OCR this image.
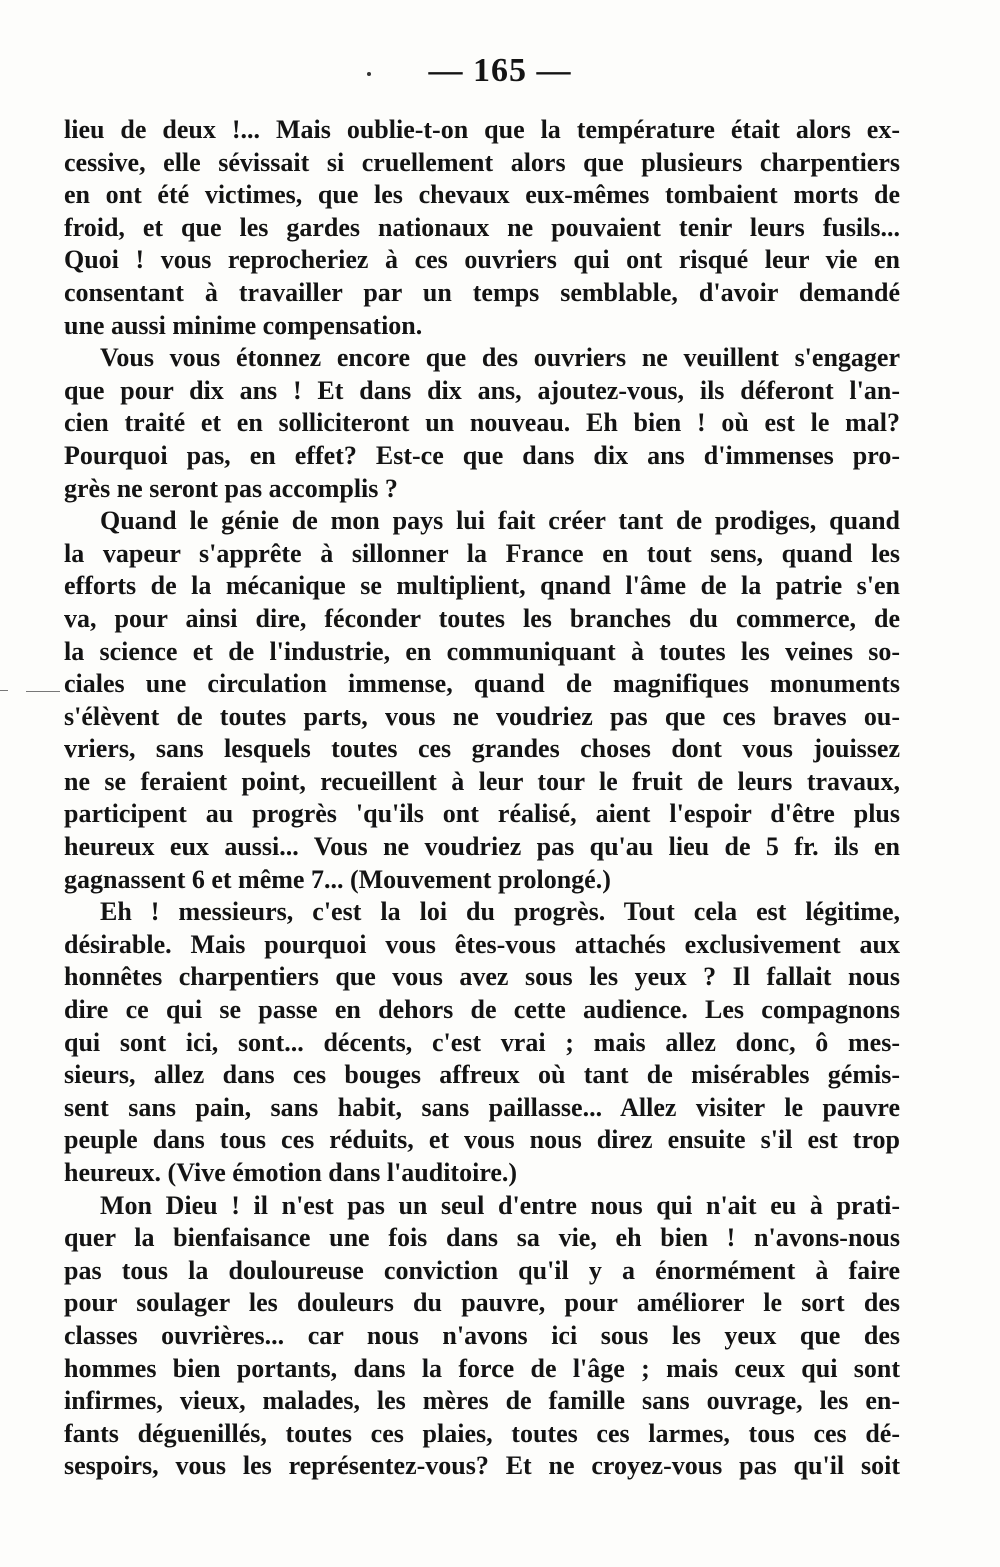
— 165 —
lieu de deux !... Mais oublie-t-on que la température était alors ex-
cessive, elle sévissait si cruellement alors que plusieurs charpentiers
en ont été victimes, que les chevaux eux-mêmes tombaient morts de
froid, et que les gardes nationaux ne pouvaient tenir leurs fusils...
Quoi ! vous reprocheriez à ces ouvriers qui ont risqué leur vie en
consentant à travailler par un temps semblable, d'avoir demandé
une aussi minime compensation.
Vous vous étonnez encore que des ouvriers ne veuillent s'engager
que pour dix ans ! Et dans dix ans, ajoutez-vous, ils déferont l'an-
cien traité et en solliciteront un nouveau. Eh bien ! où est le mal?
Pourquoi pas, en effet? Est-ce que dans dix ans d'immenses pro-
grès ne seront pas accomplis ?
Quand le génie de mon pays lui fait créer tant de prodiges, quand
la vapeur s'apprête à sillonner la France en tout sens, quand les
efforts de la mécanique se multiplient, qnand l'âme de la patrie s'en
va, pour ainsi dire, féconder toutes les branches du commerce, de
la science et de l'industrie, en communiquant à toutes les veines so-
ciales une circulation immense, quand de magnifiques monuments
s'élèvent de toutes parts, vous ne voudriez pas que ces braves ou-
vriers, sans lesquels toutes ces grandes choses dont vous jouissez
ne se feraient point, recueillent à leur tour le fruit de leurs travaux,
participent au progrès 'qu'ils ont réalisé, aient l'espoir d'être plus
heureux eux aussi... Vous ne voudriez pas qu'au lieu de 5 fr. ils en
gagnassent 6 et même 7... (Mouvement prolongé.)
Eh ! messieurs, c'est la loi du progrès. Tout cela est légitime,
désirable. Mais pourquoi vous êtes-vous attachés exclusivement aux
honnêtes charpentiers que vous avez sous les yeux ? Il fallait nous
dire ce qui se passe en dehors de cette audience. Les compagnons
qui sont ici, sont... décents, c'est vrai ; mais allez donc, ô mes-
sieurs, allez dans ces bouges affreux où tant de misérables gémis-
sent sans pain, sans habit, sans paillasse... Allez visiter le pauvre
peuple dans tous ces réduits, et vous nous direz ensuite s'il est trop
heureux. (Vive émotion dans l'auditoire.)
Mon Dieu ! il n'est pas un seul d'entre nous qui n'ait eu à prati-
quer la bienfaisance une fois dans sa vie, eh bien ! n'avons-nous
pas tous la douloureuse conviction qu'il y a énormément à faire
pour soulager les douleurs du pauvre, pour améliorer le sort des
classes ouvrières... car nous n'avons ici sous les yeux que des
hommes bien portants, dans la force de l'âge ; mais ceux qui sont
infirmes, vieux, malades, les mères de famille sans ouvrage, les en-
fants déguenillés, toutes ces plaies, toutes ces larmes, tous ces dé-
sespoirs, vous les représentez-vous? Et ne croyez-vous pas qu'il soit
